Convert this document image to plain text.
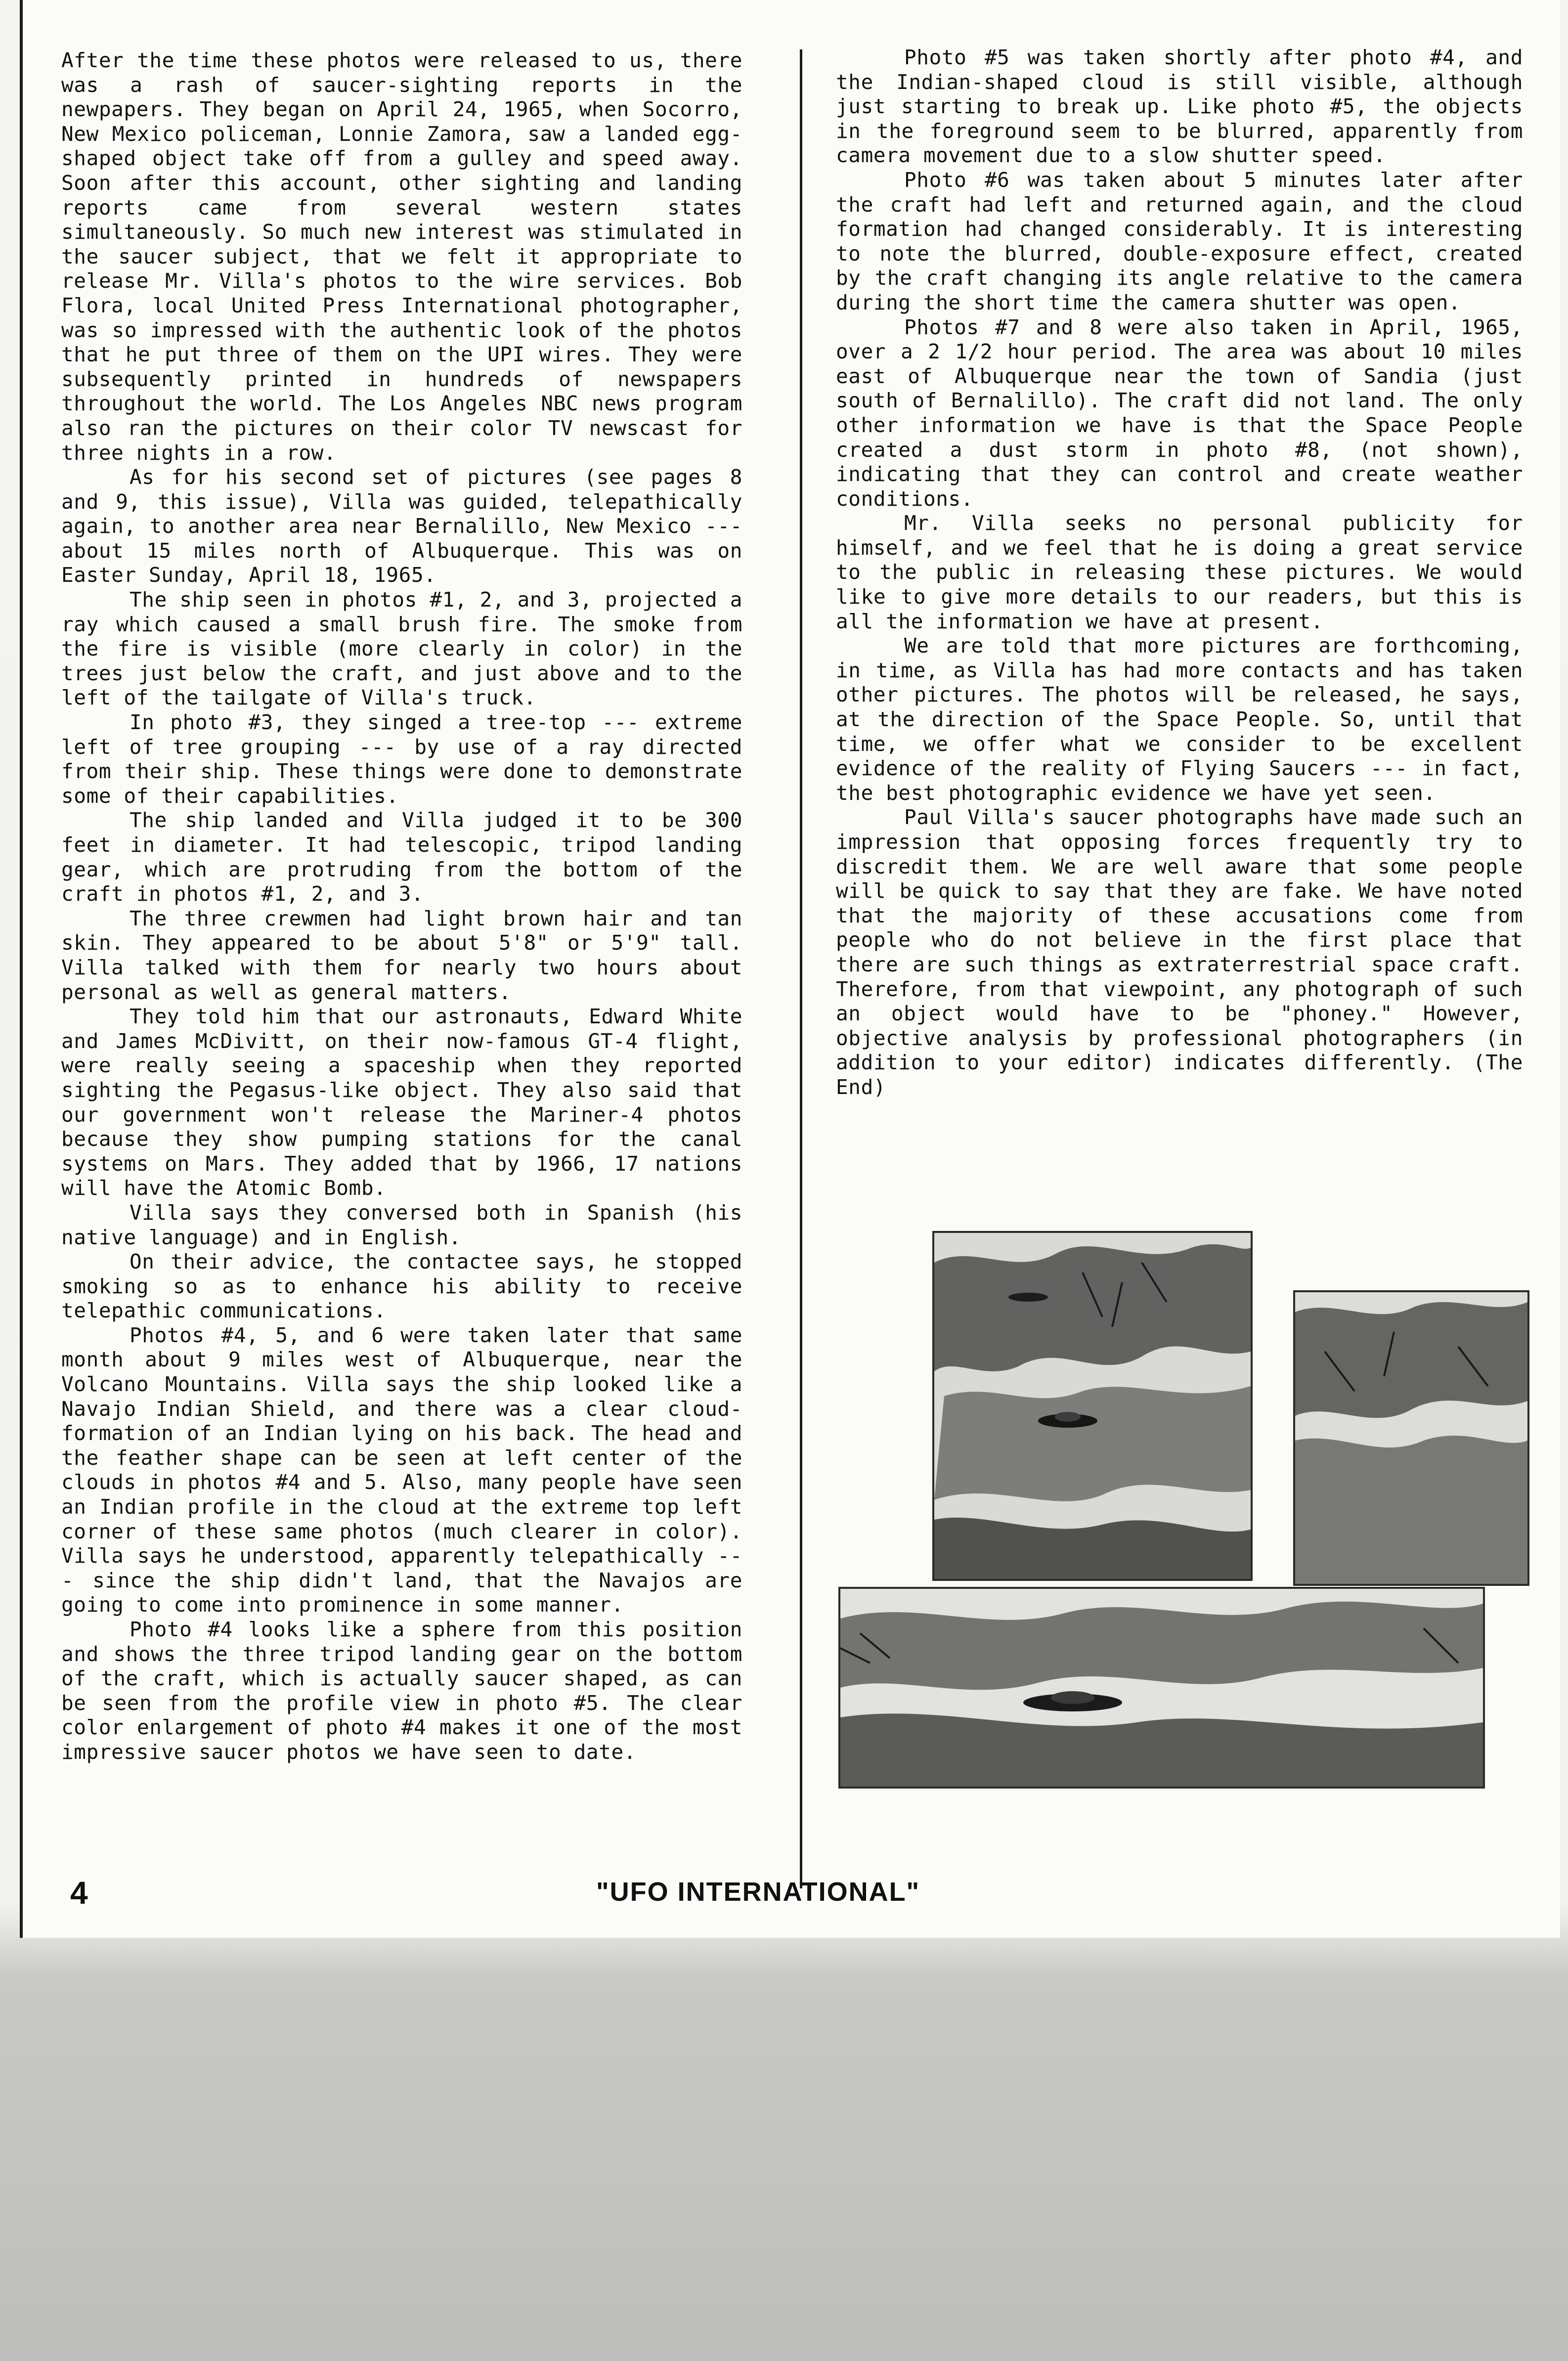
After the time these photos were released to us, there was a rash of saucer-sighting reports in the newpapers. They began on April 24, 1965, when Socorro, New Mexico policeman, Lonnie Zamora, saw a landed egg-shaped object take off from a gulley and speed away. Soon after this account, other sighting and landing reports came from several western states simultaneously. So much new interest was stimulated in the saucer subject, that we felt it appropriate to release Mr. Villa's photos to the wire services. Bob Flora, local United Press International photographer, was so impressed with the authentic look of the photos that he put three of them on the UPI wires. They were subsequently printed in hundreds of newspapers throughout the world. The Los Angeles NBC news program also ran the pictures on their color TV newscast for three nights in a row.

As for his second set of pictures (see pages 8 and 9, this issue), Villa was guided, telepathically again, to another area near Bernalillo, New Mexico --- about 15 miles north of Albuquerque. This was on Easter Sunday, April 18, 1965.

The ship seen in photos #1, 2, and 3, projected a ray which caused a small brush fire. The smoke from the fire is visible (more clearly in color) in the trees just below the craft, and just above and to the left of the tailgate of Villa's truck.

In photo #3, they singed a tree-top --- extreme left of tree grouping --- by use of a ray directed from their ship. These things were done to demonstrate some of their capabilities.

The ship landed and Villa judged it to be 300 feet in diameter. It had telescopic, tripod landing gear, which are protruding from the bottom of the craft in photos #1, 2, and 3.

The three crewmen had light brown hair and tan skin. They appeared to be about 5'8" or 5'9" tall. Villa talked with them for nearly two hours about personal as well as general matters.

They told him that our astronauts, Edward White and James McDivitt, on their now-famous GT-4 flight, were really seeing a spaceship when they reported sighting the Pegasus-like object. They also said that our government won't release the Mariner-4 photos because they show pumping stations for the canal systems on Mars. They added that by 1966, 17 nations will have the Atomic Bomb.

Villa says they conversed both in Spanish (his native language) and in English.

On their advice, the contactee says, he stopped smoking so as to enhance his ability to receive telepathic communications.

Photos #4, 5, and 6 were taken later that same month about 9 miles west of Albuquerque, near the Volcano Mountains. Villa says the ship looked like a Navajo Indian Shield, and there was a clear cloud-formation of an Indian lying on his back. The head and the feather shape can be seen at left center of the clouds in photos #4 and 5. Also, many people have seen an Indian profile in the cloud at the extreme top left corner of these same photos (much clearer in color). Villa says he understood, apparently telepathically --- since the ship didn't land, that the Navajos are going to come into prominence in some manner.

Photo #4 looks like a sphere from this position and shows the three tripod landing gear on the bottom of the craft, which is actually saucer shaped, as can be seen from the profile view in photo #5. The clear color enlargement of photo #4 makes it one of the most impressive saucer photos we have seen to date.

Photo #5 was taken shortly after photo #4, and the Indian-shaped cloud is still visible, although just starting to break up. Like photo #5, the objects in the foreground seem to be blurred, apparently from camera movement due to a slow shutter speed.

Photo #6 was taken about 5 minutes later after the craft had left and returned again, and the cloud formation had changed considerably. It is interesting to note the blurred, double-exposure effect, created by the craft changing its angle relative to the camera during the short time the camera shutter was open.

Photos #7 and 8 were also taken in April, 1965, over a 2 1/2 hour period. The area was about 10 miles east of Albuquerque near the town of Sandia (just south of Bernalillo). The craft did not land. The only other information we have is that the Space People created a dust storm in photo #8, (not shown), indicating that they can control and create weather conditions.

Mr. Villa seeks no personal publicity for himself, and we feel that he is doing a great service to the public in releasing these pictures. We would like to give more details to our readers, but this is all the information we have at present.

We are told that more pictures are forthcoming, in time, as Villa has had more contacts and has taken other pictures. The photos will be released, he says, at the direction of the Space People. So, until that time, we offer what we consider to be excellent evidence of the reality of Flying Saucers --- in fact, the best photographic evidence we have yet seen.

Paul Villa's saucer photographs have made such an impression that opposing forces frequently try to discredit them. We are well aware that some people will be quick to say that they are fake. We have noted that the majority of these accusations come from people who do not believe in the first place that there are such things as extraterrestrial space craft. Therefore, from that viewpoint, any photograph of such an object would have to be "phoney." However, objective analysis by professional photographers (in addition to your editor) indicates differently. (The End)

4	"UFO INTERNATIONAL"
